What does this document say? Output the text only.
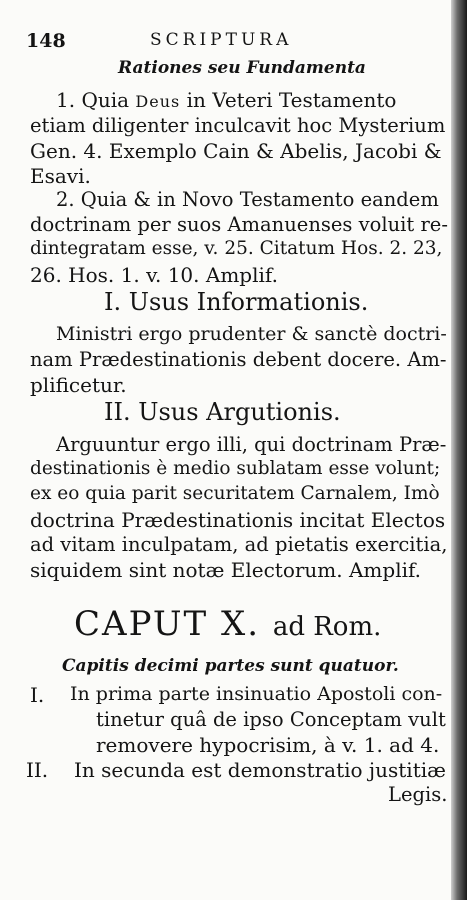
148	SCRIPTURA
Rationes seu Fundamenta
1. Quia Deus in Veteri Testamento
etiam diligenter inculcavit hoc Mysterium
Gen. 4. Exemplo Cain & Abelis, Jacobi &
Esavi.
2. Quia & in Novo Testamento eandem
doctrinam per suos Amanuenses voluit re-
dintegratam esse, v. 25. Citatum Hos. 2. 23,
26. Hos. 1. v. 10. Amplif.
I. Usus Informationis.
Ministri ergo prudenter & sanctè doctri-
nam Prædestinationis debent docere. Am-
plificetur.
II. Usus Argutionis.
Arguuntur ergo illi, qui doctrinam Præ-
destinationis è medio sublatam esse volunt;
ex eo quia parit securitatem Carnalem, Imò
doctrina Prædestinationis incitat Electos
ad vitam inculpatam, ad pietatis exercitia,
siquidem sint notæ Electorum. Amplif.
CAPUT X. ad Rom.
Capitis decimi partes sunt quatuor.
I. In prima parte insinuatio Apostoli con-
tinetur quâ de ipso Conceptam vult
removere hypocrisim, à v. 1. ad 4.
II. In secunda est demonstratio justitiæ
Legis.
